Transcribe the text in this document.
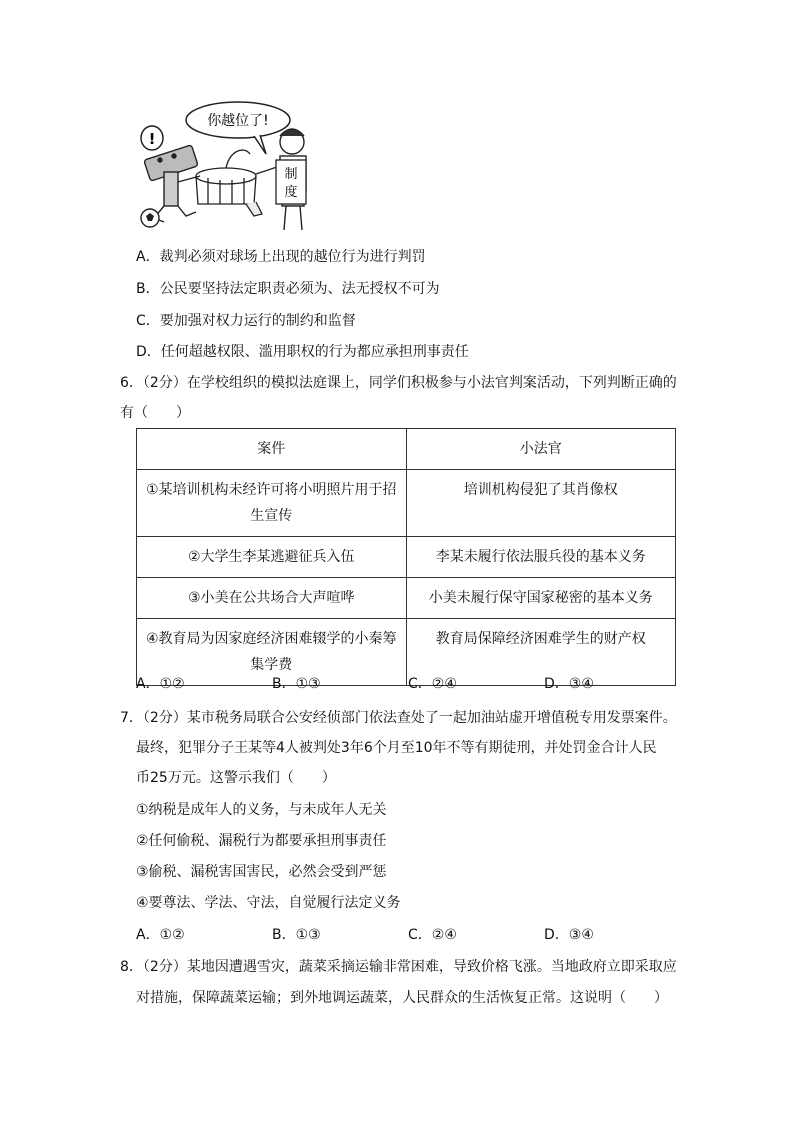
你越位了!
!
制
度
A．裁判必须对球场上出现的越位行为进行判罚
B．公民要坚持法定职责必须为、法无授权不可为
C．要加强对权力运行的制约和监督
D．任何超越权限、滥用职权的行为都应承担刑事责任
6．（2分）在学校组织的模拟法庭课上，同学们积极参与小法官判案活动，下列判断正确的
有（　　）
案件	小法官
①某培训机构未经许可将小明照片用于招生宣传	培训机构侵犯了其肖像权
②大学生李某逃避征兵入伍	李某未履行依法服兵役的基本义务
③小美在公共场合大声喧哗	小美未履行保守国家秘密的基本义务
④教育局为因家庭经济困难辍学的小秦筹集学费	教育局保障经济困难学生的财产权
A．①②	B．①③	C．②④	D．③④
7．（2分）某市税务局联合公安经侦部门依法查处了一起加油站虚开增值税专用发票案件。
最终，犯罪分子王某等4人被判处3年6个月至10年不等有期徒刑，并处罚金合计人民
币25万元。这警示我们（　　）
①纳税是成年人的义务，与未成年人无关
②任何偷税、漏税行为都要承担刑事责任
③偷税、漏税害国害民，必然会受到严惩
④要尊法、学法、守法，自觉履行法定义务
A．①②	B．①③	C．②④	D．③④
8．（2分）某地因遭遇雪灾，蔬菜采摘运输非常困难，导致价格飞涨。当地政府立即采取应
对措施，保障蔬菜运输；到外地调运蔬菜，人民群众的生活恢复正常。这说明（　　）
